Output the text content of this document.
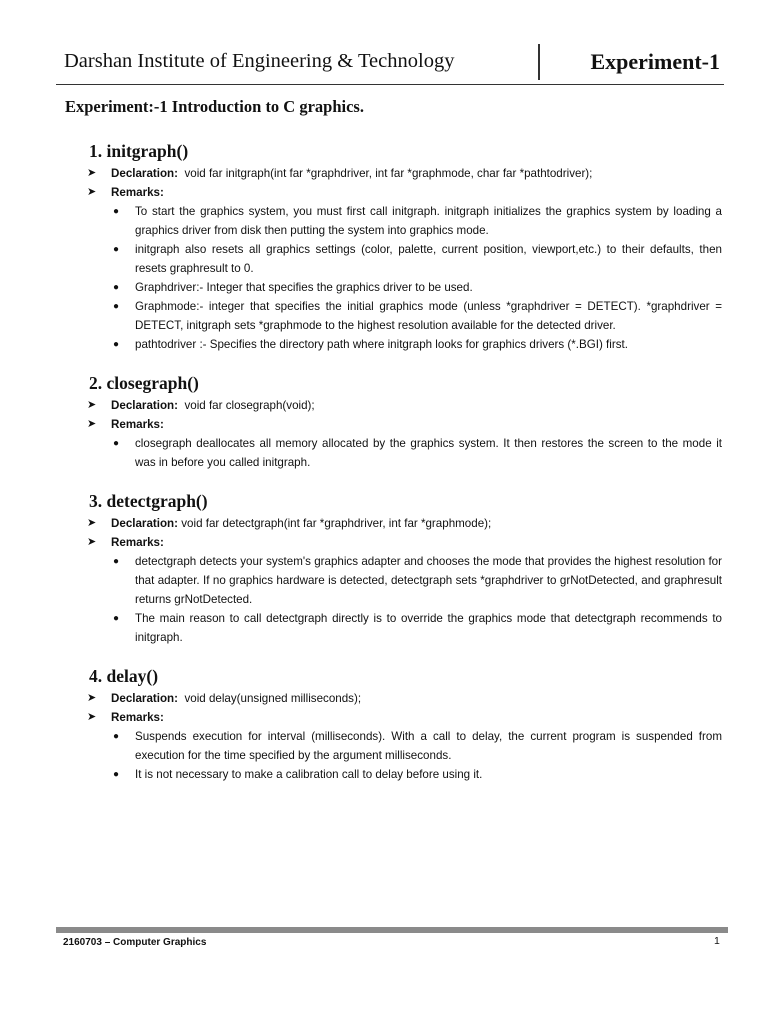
Darshan Institute of Engineering & Technology	Experiment-1
Experiment:-1 Introduction to C graphics.
1. initgraph()
➤ Declaration: void far initgraph(int far *graphdriver, int far *graphmode, char far *pathtodriver);
➤ Remarks:
● To start the graphics system, you must first call initgraph. initgraph initializes the graphics system by loading a graphics driver from disk then putting the system into graphics mode.
● initgraph also resets all graphics settings (color, palette, current position, viewport,etc.) to their defaults, then resets graphresult to 0.
● Graphdriver:- Integer that specifies the graphics driver to be used.
● Graphmode:- integer that specifies the initial graphics mode (unless *graphdriver = DETECT). *graphdriver = DETECT, initgraph sets *graphmode to the highest resolution available for the detected driver.
● pathtodriver :- Specifies the directory path where initgraph looks for graphics drivers (*.BGI) first.
2. closegraph()
➤ Declaration: void far closegraph(void);
➤ Remarks:
● closegraph deallocates all memory allocated by the graphics system. It then restores the screen to the mode it was in before you called initgraph.
3. detectgraph()
➤ Declaration: void far detectgraph(int far *graphdriver, int far *graphmode);
➤ Remarks:
● detectgraph detects your system's graphics adapter and chooses the mode that provides the highest resolution for that adapter. If no graphics hardware is detected, detectgraph sets *graphdriver to grNotDetected, and graphresult returns grNotDetected.
● The main reason to call detectgraph directly is to override the graphics mode that detectgraph recommends to initgraph.
4. delay()
➤ Declaration: void delay(unsigned milliseconds);
➤ Remarks:
● Suspends execution for interval (milliseconds). With a call to delay, the current program is suspended from execution for the time specified by the argument milliseconds.
● It is not necessary to make a calibration call to delay before using it.
2160703 – Computer Graphics	1
